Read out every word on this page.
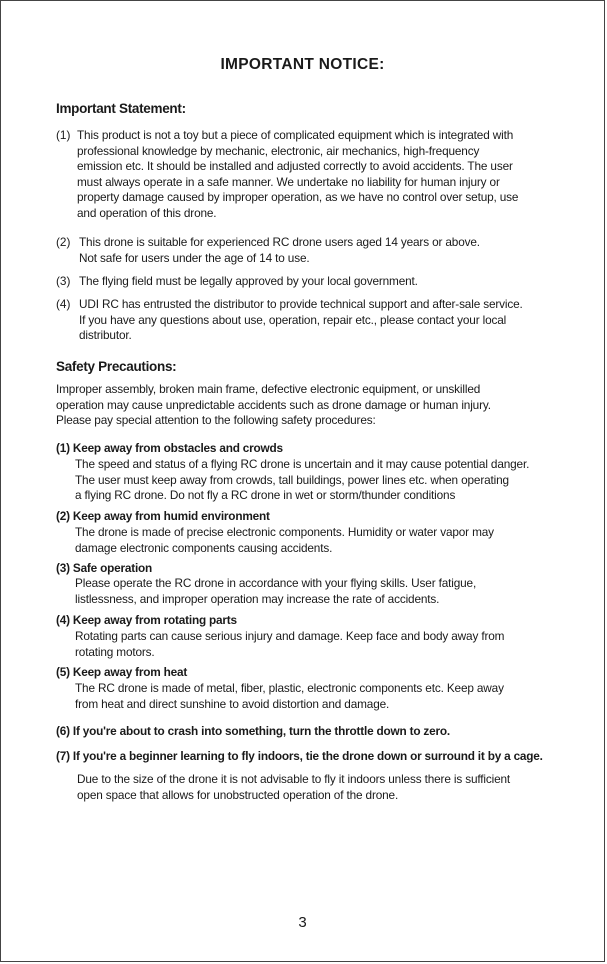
IMPORTANT NOTICE:
Important Statement:
(1) This product is not a toy but a piece of complicated equipment which is integrated with
professional knowledge by mechanic, electronic, air mechanics, high-frequency
emission etc. It should be installed and adjusted correctly to avoid accidents. The user
must always operate in a safe manner. We undertake no liability for human injury or
property damage caused by improper operation, as we have no control over setup, use
and operation of this drone.
(2) This drone is suitable for experienced RC drone users aged 14 years or above.
Not safe for users under the age of 14 to use.
(3) The flying field must be legally approved by your local government.
(4) UDI RC has entrusted the distributor to provide technical support and after-sale service.
If you have any questions about use, operation, repair etc., please contact your local
distributor.
Safety Precautions:
Improper assembly, broken main frame, defective electronic equipment, or unskilled
operation may cause unpredictable accidents such as drone damage or human injury.
Please pay special attention to the following safety procedures:
(1) Keep away from obstacles and crowds
The speed and status of a flying RC drone is uncertain and it may cause potential danger.
The user must keep away from crowds, tall buildings, power lines etc. when operating
a flying RC drone. Do not fly a RC drone in wet or storm/thunder conditions
(2) Keep away from humid environment
The drone is made of precise electronic components. Humidity or water vapor may
damage electronic components causing accidents.
(3) Safe operation
Please operate the RC drone in accordance with your flying skills. User fatigue,
listlessness, and improper operation may increase the rate of accidents.
(4) Keep away from rotating parts
Rotating parts can cause serious injury and damage. Keep face and body away from
rotating motors.
(5) Keep away from heat
The RC drone is made of metal, fiber, plastic, electronic components etc. Keep away
from heat and direct sunshine to avoid distortion and damage.
(6) If you're about to crash into something, turn the throttle down to zero.
(7) If you're a beginner learning to fly indoors, tie the drone down or surround it by a cage.
Due to the size of the drone it is not advisable to fly it indoors unless there is sufficient
open space that allows for unobstructed operation of the drone.
3
